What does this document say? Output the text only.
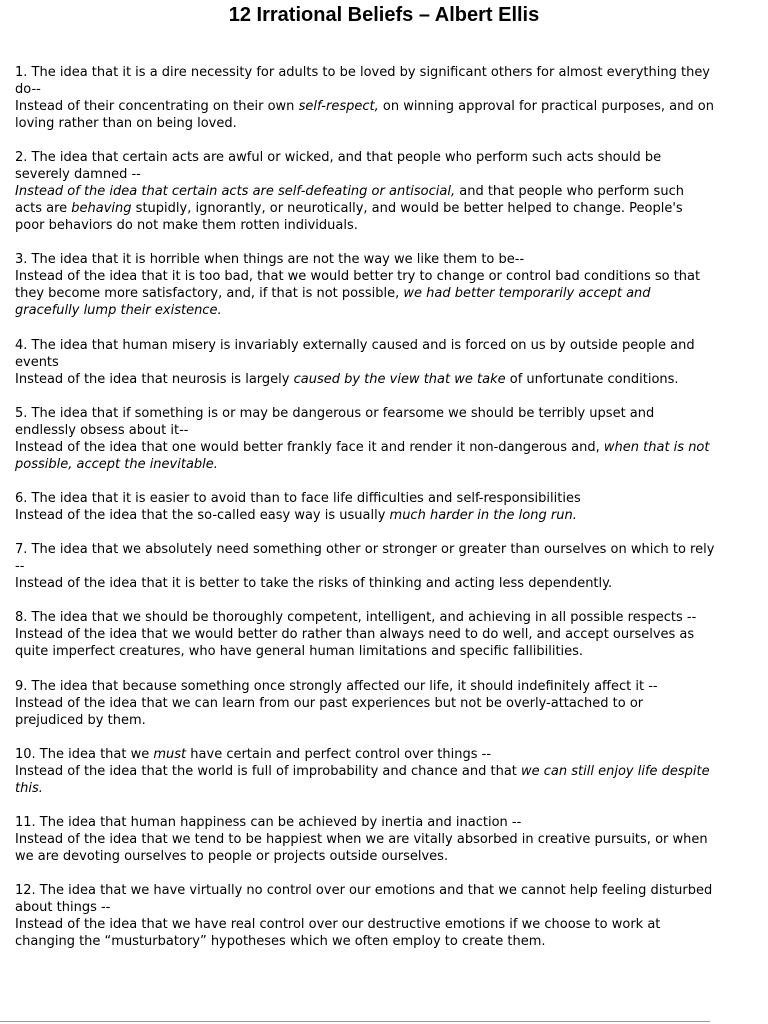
12 Irrational Beliefs – Albert Ellis

1. The idea that it is a dire necessity for adults to be loved by significant others for almost everything they do--

Instead of their concentrating on their own self-respect, on winning approval for practical purposes, and on loving rather than on being loved.

2. The idea that certain acts are awful or wicked, and that people who perform such acts should be severely damned --

Instead of the idea that certain acts are self-defeating or antisocial, and that people who perform such acts are behaving stupidly, ignorantly, or neurotically, and would be better helped to change. People's poor behaviors do not make them rotten individuals.

3. The idea that it is horrible when things are not the way we like them to be--

Instead of the idea that it is too bad, that we would better try to change or control bad conditions so that they become more satisfactory, and, if that is not possible, we had better temporarily accept and gracefully lump their existence.

4. The idea that human misery is invariably externally caused and is forced on us by outside people and events

Instead of the idea that neurosis is largely caused by the view that we take of unfortunate conditions.

5. The idea that if something is or may be dangerous or fearsome we should be terribly upset and endlessly obsess about it--

Instead of the idea that one would better frankly face it and render it non-dangerous and, when that is not possible, accept the inevitable.

6. The idea that it is easier to avoid than to face life difficulties and self-responsibilities

Instead of the idea that the so-called easy way is usually much harder in the long run.

7. The idea that we absolutely need something other or stronger or greater than ourselves on which to rely --

Instead of the idea that it is better to take the risks of thinking and acting less dependently.

8. The idea that we should be thoroughly competent, intelligent, and achieving in all possible respects --

Instead of the idea that we would better do rather than always need to do well, and accept ourselves as quite imperfect creatures, who have general human limitations and specific fallibilities.

9. The idea that because something once strongly affected our life, it should indefinitely affect it --

Instead of the idea that we can learn from our past experiences but not be overly-attached to or prejudiced by them.

10. The idea that we must have certain and perfect control over things --

Instead of the idea that the world is full of improbability and chance and that we can still enjoy life despite this.

11. The idea that human happiness can be achieved by inertia and inaction --

Instead of the idea that we tend to be happiest when we are vitally absorbed in creative pursuits, or when we are devoting ourselves to people or projects outside ourselves.

12. The idea that we have virtually no control over our emotions and that we cannot help feeling disturbed about things --

Instead of the idea that we have real control over our destructive emotions if we choose to work at changing the “musturbatory” hypotheses which we often employ to create them.
